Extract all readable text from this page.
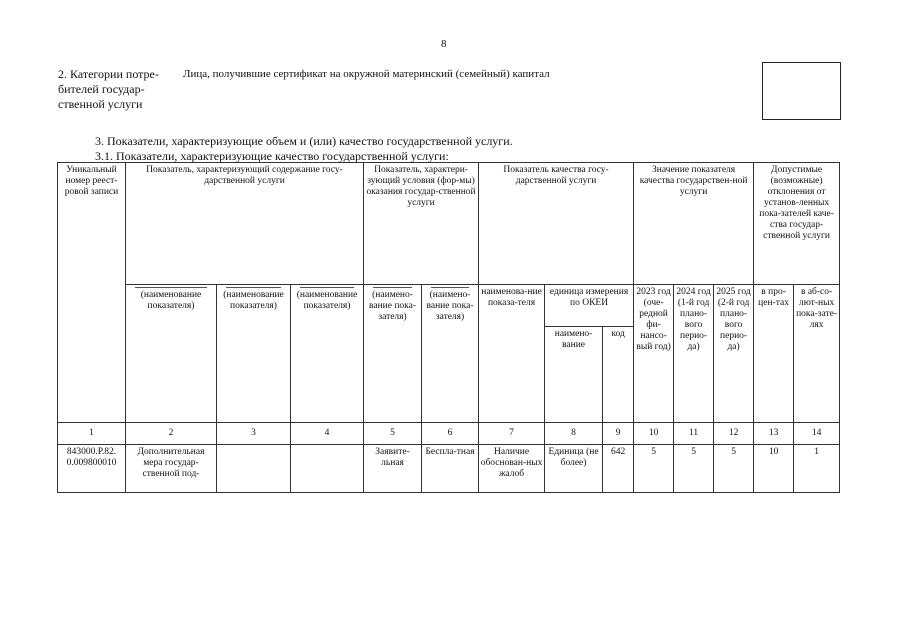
8
2. Категории потре-бителей государ-ственной услуги
Лица, получившие сертификат на окружной материнский (семейный) капитал
3. Показатели, характеризующие объем и (или) качество государственной услуги.
3.1. Показатели, характеризующие качество государственной услуги:
Уникальный номер реест-ровой записи	Показатель, характеризующий содержание госу-дарственной услуги			Показатель, характери-зующий условия (фор-мы) оказания государ-ственной услуги		Показатель качества госу-дарственной услуги			Значение показателя качества государствен-ной услуги			Допустимые (возможные) отклонения от установ-ленных пока-зателей каче-ства государ-ственной услуги	

(наименование показателя)	(наименование показателя)	(наименование показателя)	(наимено-вание пока-зателя)	(наимено-вание пока-зателя)	наименова-ние показа-теля	единица измерения по ОКЕИ		2023 год (оче-редной фи-нансо-вый год)	2024 год (1-й год плано-вого перио-да)	2025 год (2-й год плано-вого перио-да)	в про-цен-тах	в аб-со-лют-ных пока-зате-лях
							наимено-вание	код					
1	2	3	4	5	6	7	8	9	10	11	12	13	14
843000.Р.82. 0.009800010	Дополнительная мера государ-ственной под-			Заявите-льная	Бесплa-тная	Наличие обоснован-ных жалоб	Единица (не более)	642	5	5	5	10	1
